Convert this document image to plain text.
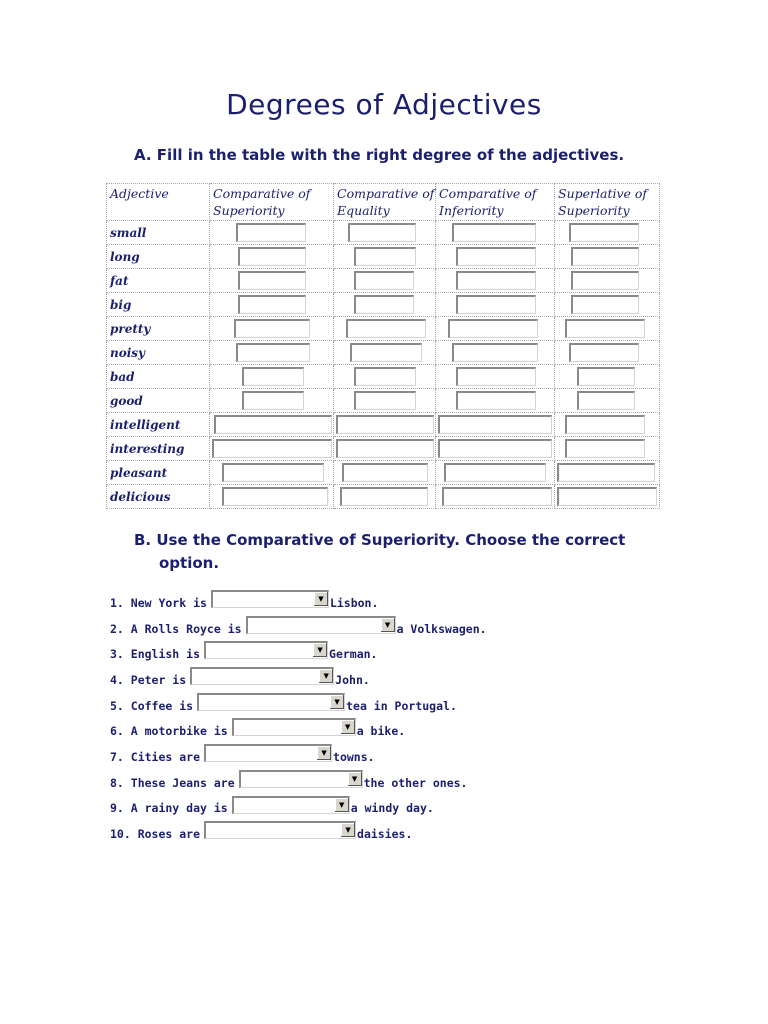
Degrees of Adjectives
A. Fill in the table with the right degree of the adjectives.
Adjective	Comparative of Superiority	Comparative of Equality	Comparative of Inferiority	Superlative of Superiority
small	

long	

fat	

big	

pretty	

noisy	

bad	

good	

intelligent	

interesting	

pleasant	

delicious	

B. Use the Comparative of Superiority. Choose the correct
option.
1. New York is	▼ Lisbon.
2. A Rolls Royce is	▼ a Volkswagen.
3. English is	▼ German.
4. Peter is	▼ John.
5. Coffee is	▼ tea in Portugal.
6. A motorbike is	▼ a bike.
7. Cities are	▼ towns.
8. These Jeans are	▼ the other ones.
9. A rainy day is	▼ a windy day.
10. Roses are	▼ daisies.
